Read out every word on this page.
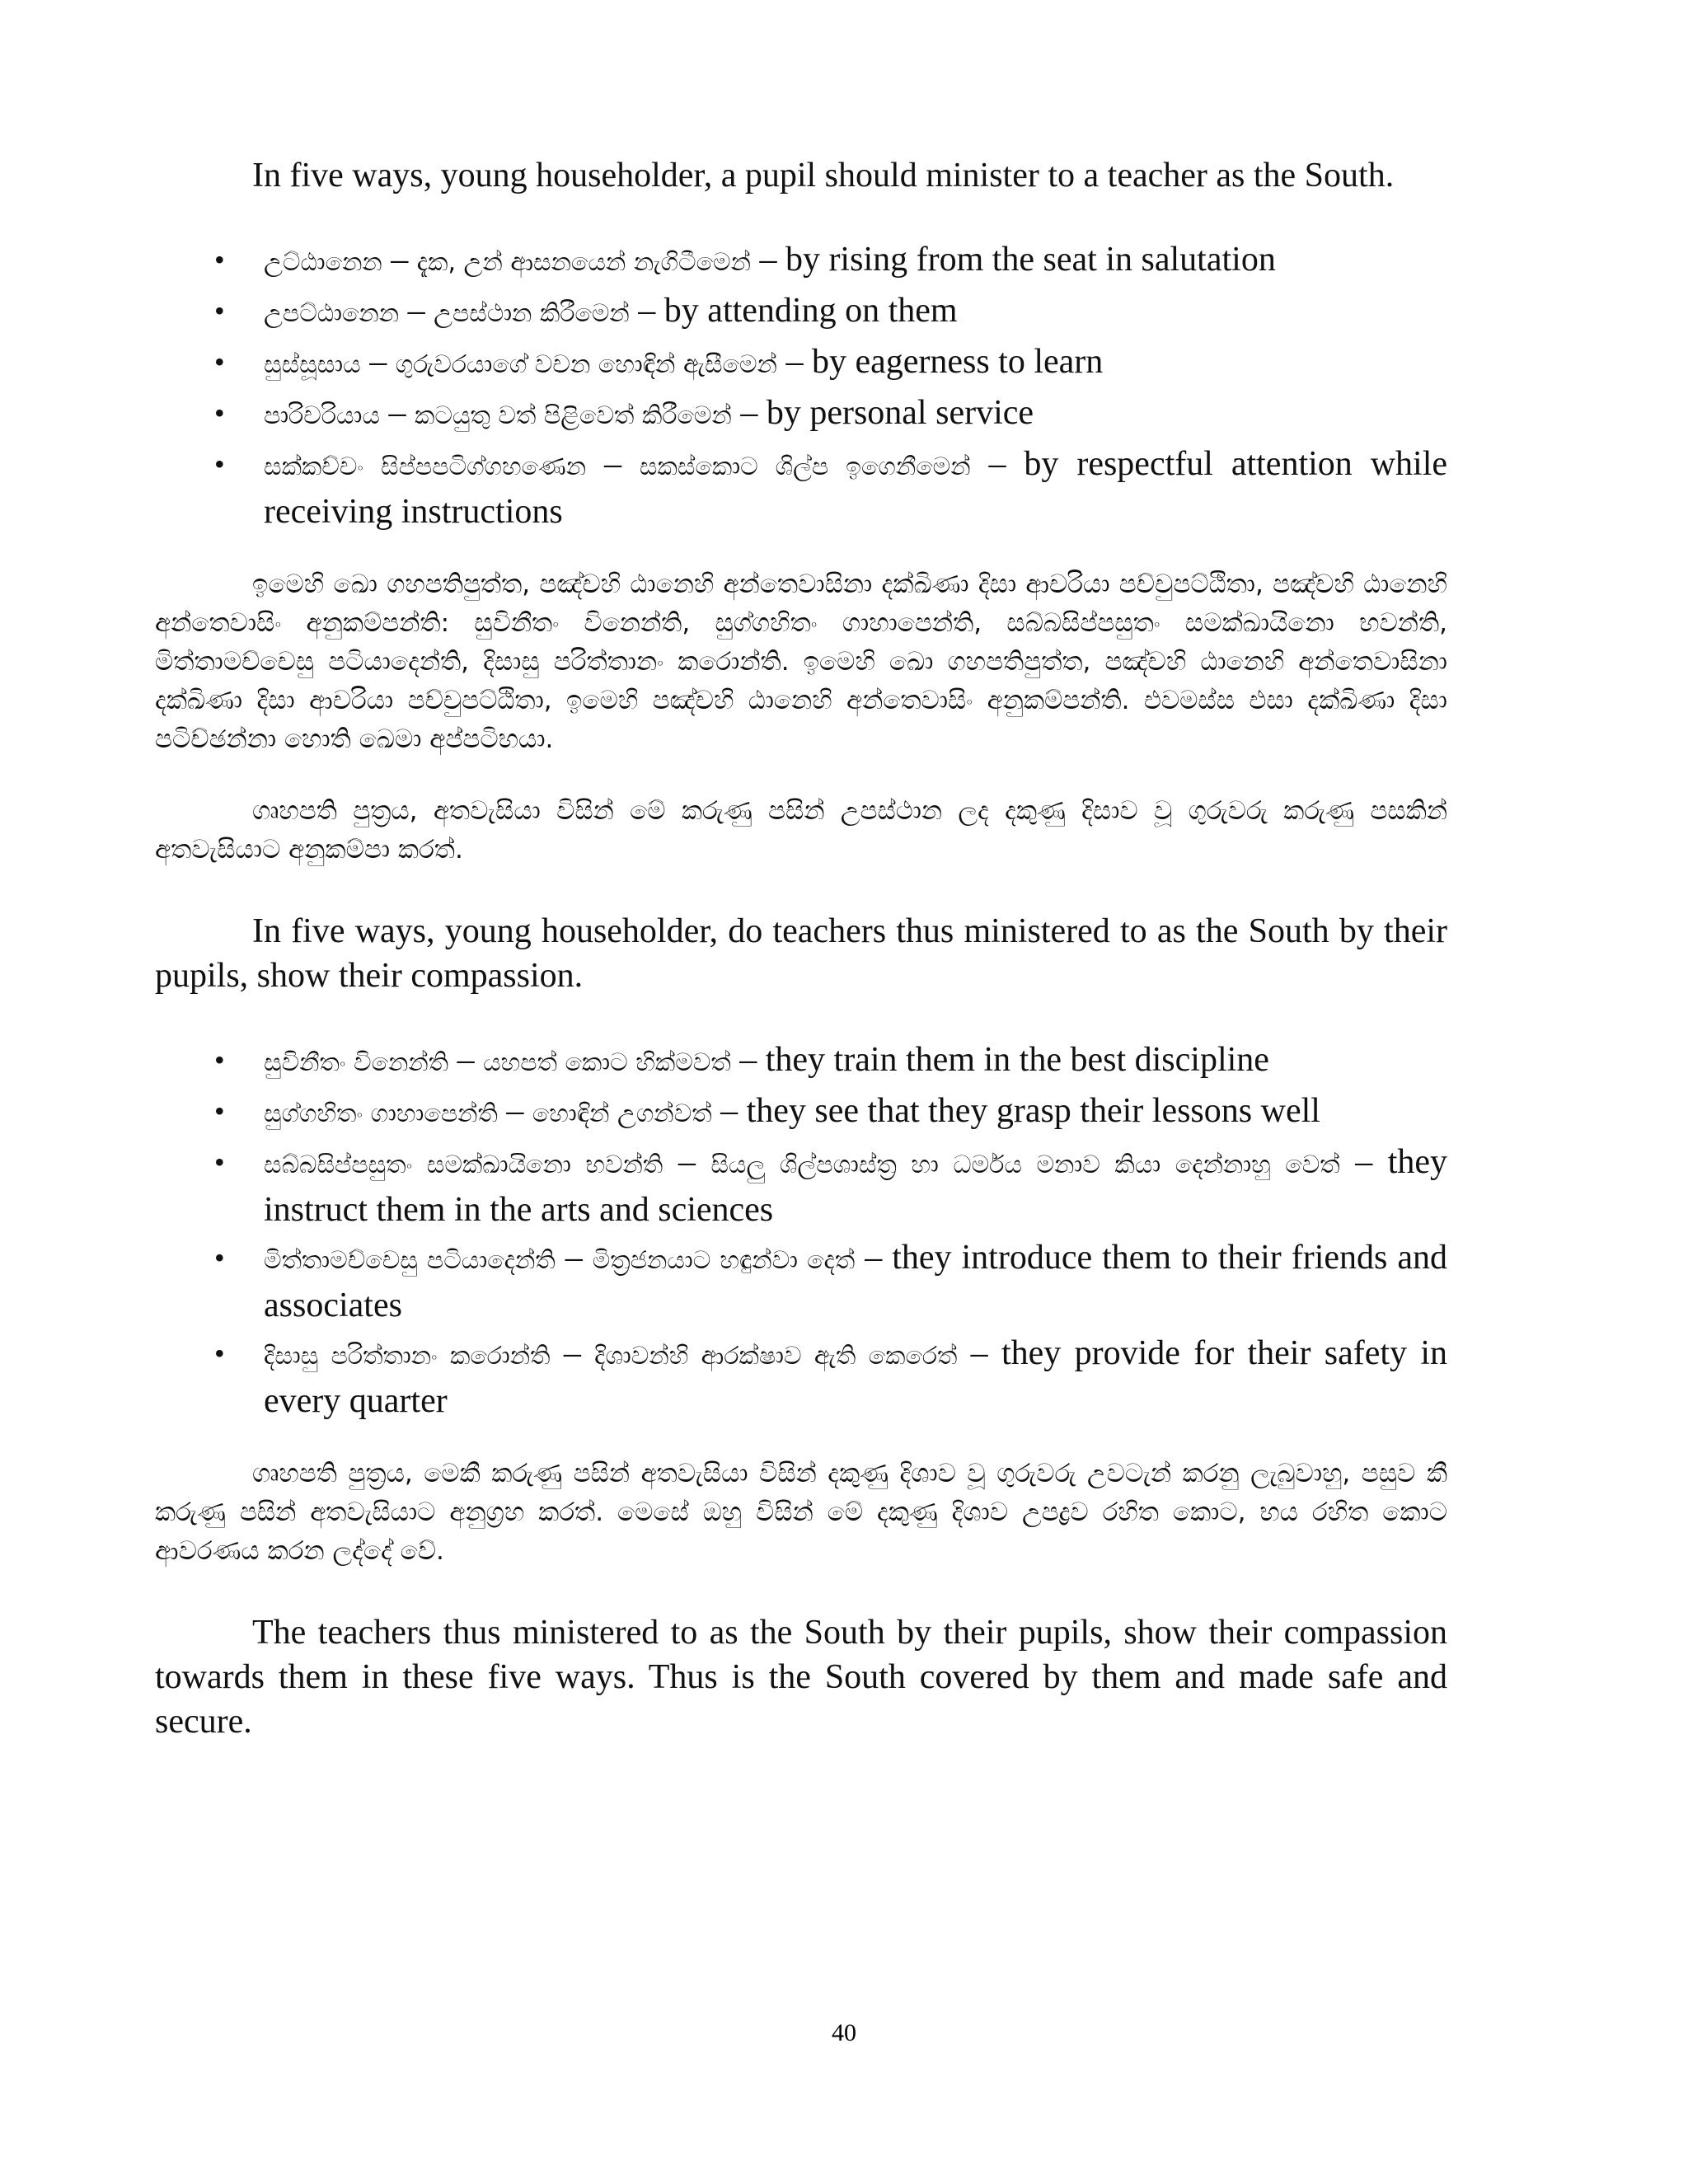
In five ways, young householder, a pupil should minister to a teacher as the South.

• උට්ඨානෙන – දැක, උන් ආසනයෙන් නැගිටීමෙන් – by rising from the seat in salutation
• උපට්ඨානෙන – උපස්ථාන කිරීමෙන් – by attending on them
• සුස්සූසාය – ගුරුවරයාගේ වචන හොඳින් ඇසීමෙන් – by eagerness to learn
• පාරිචරියාය – කටයුතු වත් පිළිවෙත් කිරීමෙන් – by personal service
• සක්කච්චං සිප්පපටිග්ගහණෙන – සකස්කොට ශිල්ප ඉගෙනීමෙන් – by respectful attention while receiving instructions

ඉමෙහි ඛො ගහපතිපුත්ත, පඤ්චහි ඨානෙහි අන්තෙවාසිනා දක්ඛිණා දිසා ආචරියා පච්චුපට්ඨිතා, පඤ්චහි ඨානෙහි අන්තෙවාසිං අනුකම්පන්ති: සුවිනීතං විනෙන්ති, සුග්ගහිතං ගාහාපෙන්ති, සබ්බසිප්පසුතං සමක්ඛායිනො භවන්ති, මිත්තාමච්චෙසු පටියාදෙන්ති, දිසාසු පරිත්තානං කරොන්ති. ඉමෙහි ඛො ගහපතිපුත්ත, පඤ්චහි ඨානෙහි අන්තෙවාසිනා දක්ඛිණා දිසා ආචරියා පච්චුපට්ඨිතා, ඉමෙහි පඤ්චහි ඨානෙහි අන්තෙවාසිං අනුකම්පන්ති. එවමස්ස එසා දක්ඛිණා දිසා පටිච්ඡන්නා හොති ඛෙමා අප්පටිභයා.

ගෘහපති පුත්‍රය, අතවැසියා විසින් මේ කරුණු පසින් උපස්ථාන ලද දකුණු දිසාව වූ ගුරුවරු කරුණු පසකින් අතවැසියාට අනුකම්පා කරත්.

In five ways, young householder, do teachers thus ministered to as the South by their pupils, show their compassion.

• සුවිනීතං විනෙන්ති – යහපත් කොට හික්මවත් – they train them in the best discipline
• සුග්ගහිතං ගාහාපෙන්ති – හොඳින් උගන්වත් – they see that they grasp their lessons well
• සබ්බසිප්පසුතං සමක්ඛායිනො භවන්ති – සියලු ශිල්පශාස්ත්‍ර හා ධර්මය මනාව කියා දෙන්නාහු වෙත් – they instruct them in the arts and sciences
• මිත්තාමච්චෙසු පටියාදෙන්ති – මිත්‍රජනයාට හඳුන්වා දෙත් – they introduce them to their friends and associates
• දිසාසු පරිත්තානං කරොන්ති – දිශාවන්හි ආරක්ෂාව ඇති කෙරෙත් – they provide for their safety in every quarter

ගෘහපති පුත්‍රය, මෙකී කරුණු පසින් අතවැසියා විසින් දකුණු දිශාව වූ ගුරුවරු උවටැන් කරනු ලැබුවාහු, පසුව කී කරුණු පසින් අතවැසියාට අනුග්‍රහ කරත්. මෙසේ ඔහු විසින් මේ දකුණු දිශාව උපද්‍රව රහිත කොට, භය රහිත කොට ආවරණය කරන ලද්දේ වේ.

The teachers thus ministered to as the South by their pupils, show their compassion towards them in these five ways. Thus is the South covered by them and made safe and secure.

40
